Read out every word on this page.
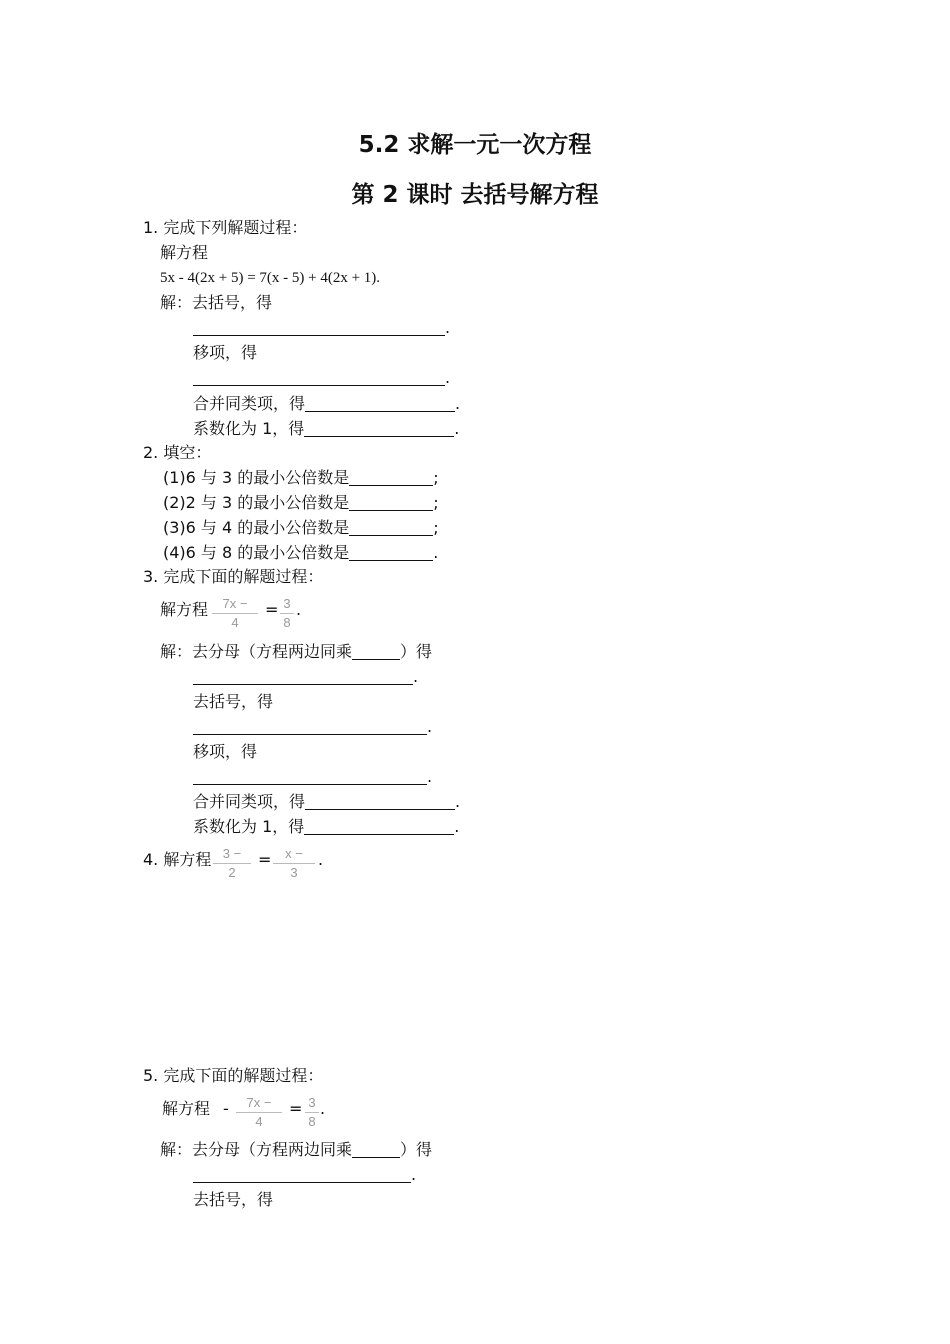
5.2 求解一元一次方程
第 2 课时 去括号解方程
1. 完成下列解题过程：
解方程
5x - 4(2x + 5) = 7(x - 5) + 4(2x + 1).
解：去括号，得
.
移项，得
.
合并同类项，得	.
系数化为 1，得	.
2. 填空：
(1)6 与 3 的最小公倍数是	;
(2)2 与 3 的最小公倍数是	;
(3)6 与 4 的最小公倍数是	;
(4)6 与 8 的最小公倍数是	.
3. 完成下面的解题过程：
解方程	7x −
4
= 3
8
.
解：去分母（方程两边同乘	）得
.
去括号，得
.
移项，得
.
合并同类项，得	.
系数化为 1，得	.
4. 解方程 3 −
2
=	x −
3
.
5. 完成下面的解题过程：
解方程 -	7x −
4
= 3
8
.
解：去分母（方程两边同乘	）得
.
去括号，得
